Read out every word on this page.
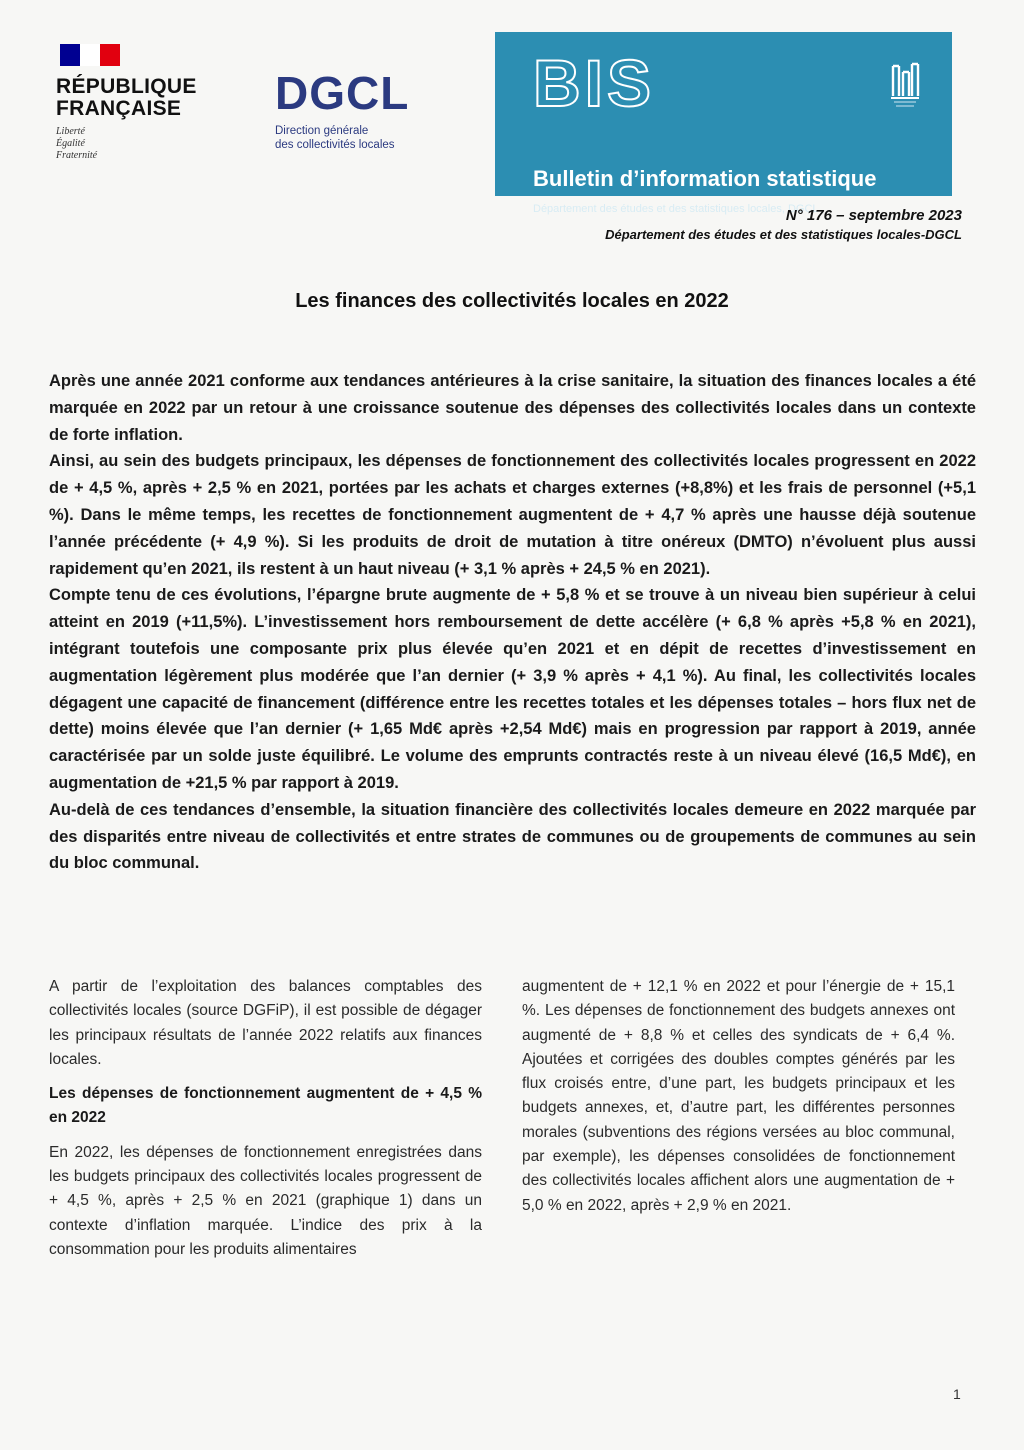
RÉPUBLIQUE
FRANÇAISE
Liberté
Égalité
Fraternité
DGCL
Direction générale
des collectivités locales
BIS
Bulletin d’information statistique
Département des études et des statistiques locales, DGCL
N° 176 – septembre 2023
Département des études et des statistiques locales-DGCL
Les finances des collectivités locales en 2022

Après une année 2021 conforme aux tendances antérieures à la crise sanitaire, la situation des finances locales a été marquée en 2022 par un retour à une croissance soutenue des dépenses des collectivités locales dans un contexte de forte inflation.

Ainsi, au sein des budgets principaux, les dépenses de fonctionnement des collectivités locales progressent en 2022 de + 4,5 %, après + 2,5 % en 2021, portées par les achats et charges externes (+8,8%) et les frais de personnel (+5,1 %). Dans le même temps, les recettes de fonctionnement augmentent de + 4,7 % après une hausse déjà soutenue l’année précédente (+ 4,9 %). Si les produits de droit de mutation à titre onéreux (DMTO) n’évoluent plus aussi rapidement qu’en 2021, ils restent à un haut niveau (+ 3,1 % après + 24,5 % en 2021).

Compte tenu de ces évolutions, l’épargne brute augmente de + 5,8 % et se trouve à un niveau bien supérieur à celui atteint en 2019 (+11,5%). L’investissement hors remboursement de dette accélère (+ 6,8 % après +5,8 % en 2021), intégrant toutefois une composante prix plus élevée qu’en 2021 et en dépit de recettes d’investissement en augmentation légèrement plus modérée que l’an dernier (+ 3,9 % après + 4,1 %). Au final, les collectivités locales dégagent une capacité de financement (différence entre les recettes totales et les dépenses totales – hors flux net de dette) moins élevée que l’an dernier (+ 1,65 Md€ après +2,54 Md€) mais en progression par rapport à 2019, année caractérisée par un solde juste équilibré. Le volume des emprunts contractés reste à un niveau élevé (16,5 Md€), en augmentation de +21,5 % par rapport à 2019.

Au-delà de ces tendances d’ensemble, la situation financière des collectivités locales demeure en 2022 marquée par des disparités entre niveau de collectivités et entre strates de communes ou de groupements de communes au sein du bloc communal.

A partir de l’exploitation des balances comptables des collectivités locales (source DGFiP), il est possible de dégager les principaux résultats de l’année 2022 relatifs aux finances locales.

Les dépenses de fonctionnement augmentent de + 4,5 % en 2022

En 2022, les dépenses de fonctionnement enregistrées dans les budgets principaux des collectivités locales progressent de + 4,5 %, après + 2,5 % en 2021 (graphique 1) dans un contexte d’inflation marquée. L’indice des prix à la consommation pour les produits alimentaires

augmentent de + 12,1 % en 2022 et pour l’énergie de + 15,1 %. Les dépenses de fonctionnement des budgets annexes ont augmenté de + 8,8 % et celles des syndicats de + 6,4 %. Ajoutées et corrigées des doubles comptes générés par les flux croisés entre, d’une part, les budgets principaux et les budgets annexes, et, d’autre part, les différentes personnes morales (subventions des régions versées au bloc communal, par exemple), les dépenses consolidées de fonctionnement des collectivités locales affichent alors une augmentation de + 5,0 % en 2022, après + 2,9 % en 2021.

1
